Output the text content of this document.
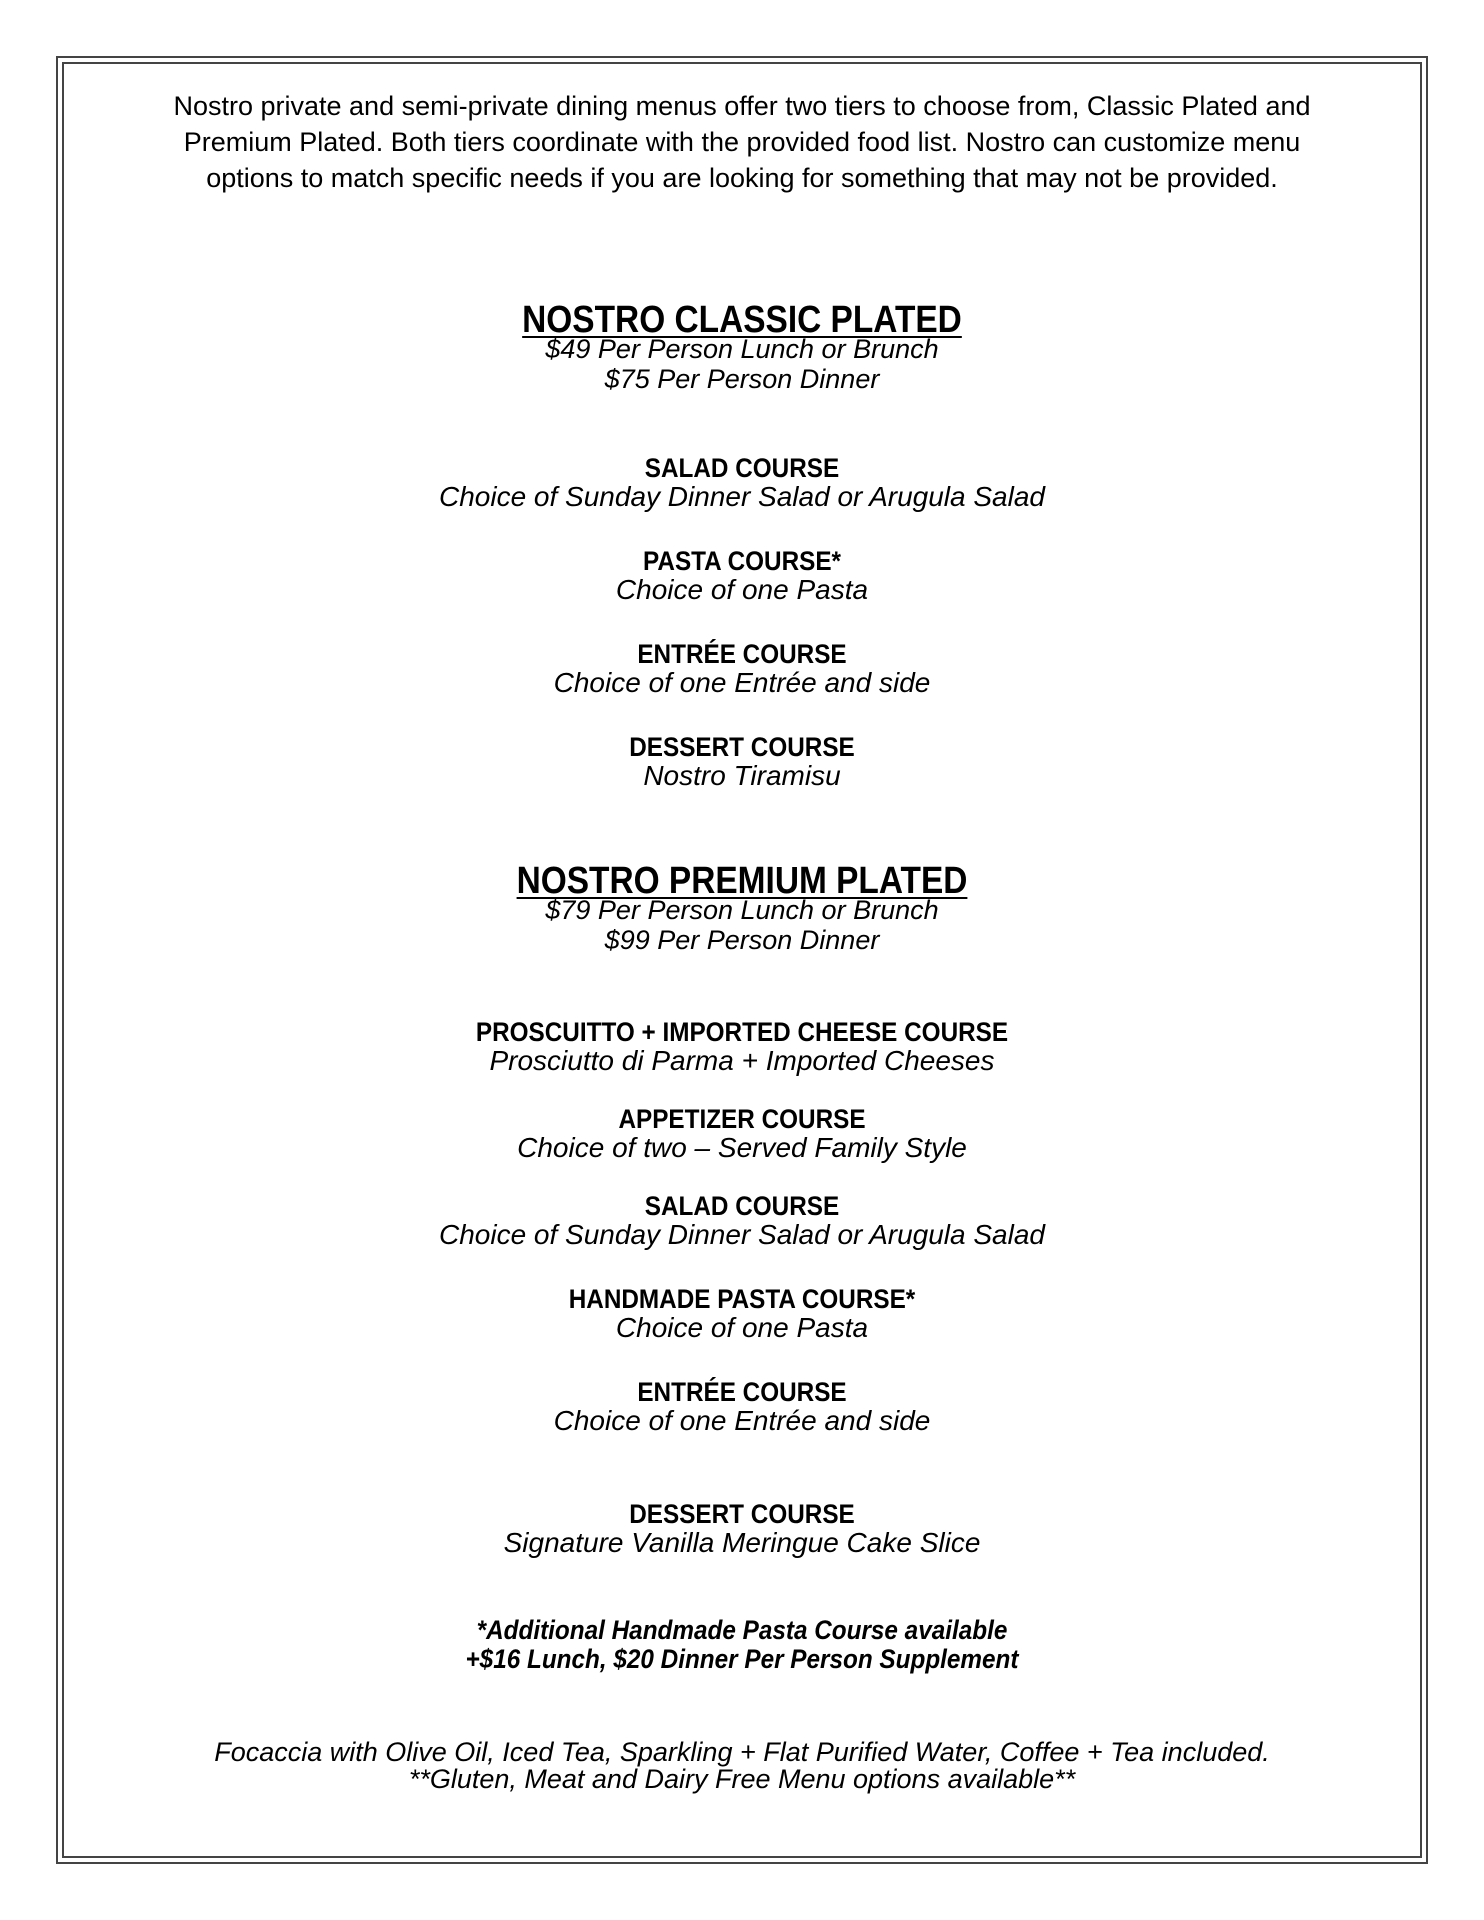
Nostro private and semi-private dining menus offer two tiers to choose from, Classic Plated and Premium Plated. Both tiers coordinate with the provided food list. Nostro can customize menu options to match specific needs if you are looking for something that may not be provided.

NOSTRO CLASSIC PLATED

$49 Per Person Lunch or Brunch

$75 Per Person Dinner

SALAD COURSE

Choice of Sunday Dinner Salad or Arugula Salad

PASTA COURSE*

Choice of one Pasta

ENTRÉE COURSE

Choice of one Entrée and side

DESSERT COURSE

Nostro Tiramisu

NOSTRO PREMIUM PLATED

$79 Per Person Lunch or Brunch

$99 Per Person Dinner

PROSCUITTO + IMPORTED CHEESE COURSE

Prosciutto di Parma + Imported Cheeses

APPETIZER COURSE

Choice of two – Served Family Style

SALAD COURSE

Choice of Sunday Dinner Salad or Arugula Salad

HANDMADE PASTA COURSE*

Choice of one Pasta

ENTRÉE COURSE

Choice of one Entrée and side

DESSERT COURSE

Signature Vanilla Meringue Cake Slice

*Additional Handmade Pasta Course available

+$16 Lunch, $20 Dinner Per Person Supplement

Focaccia with Olive Oil, Iced Tea, Sparkling + Flat Purified Water, Coffee + Tea included.

**Gluten, Meat and Dairy Free Menu options available**
